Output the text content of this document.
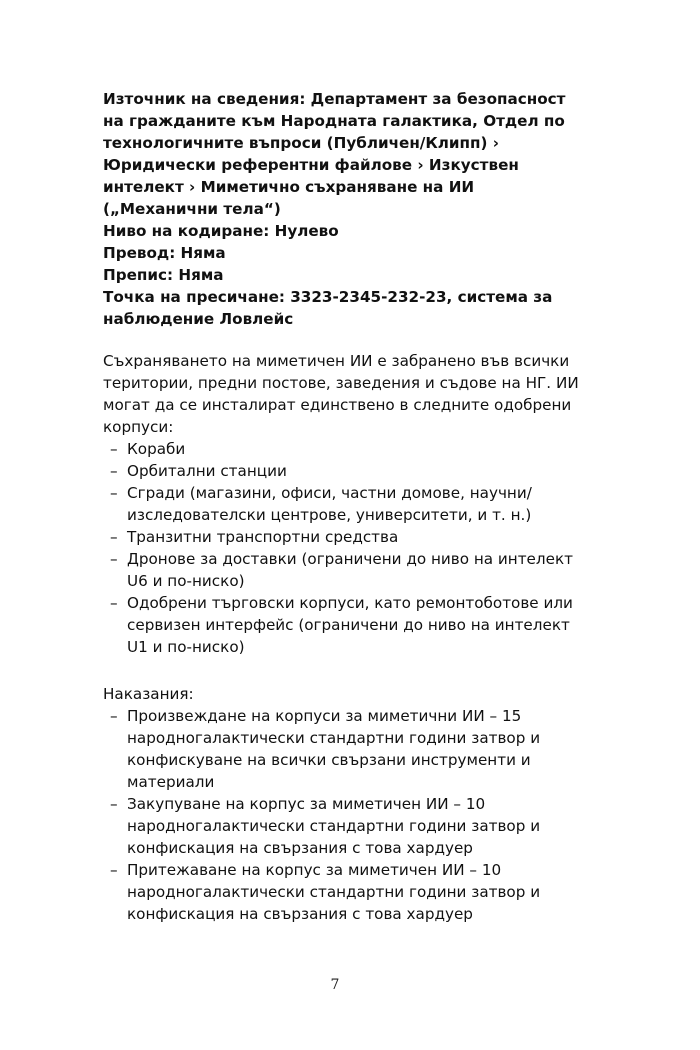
Източник на сведения: Департамент за безопасност на гражданите към Народната галактика, Отдел по технологичните въпроси (Публичен/Клипп) › Юридически референтни файлове › Изкуствен интелект › Миметично съхраняване на ИИ („Механични тела“)

Ниво на кодиране: Нулево

Превод: Няма

Препис: Няма

Точка на пресичане: 3323-2345-232-23, система за наблюдение Ловлейс

Съхраняването на миметичен ИИ е забранено във всички територии, предни постове, заведения и съдове на НГ. ИИ могат да се инсталират единствено в следните одобрени корпуси:

– Кораби
– Орбитални станции
– Сгради (магазини, офиси, частни домове, научни/изследователски центрове, университети, и т. н.)
– Транзитни транспортни средства
– Дронове за доставки (ограничени до ниво на интелект U6 и по-ниско)
– Одобрени търговски корпуси, като ремонтоботове или сервизен интерфейс (ограничени до ниво на интелект U1 и по-ниско)

Наказания:

– Произвеждане на корпуси за миметични ИИ – 15 народногалактически стандартни години затвор и конфискуване на всички свързани инструменти и материали
– Закупуване на корпус за миметичен ИИ – 10 народногалактически стандартни години затвор и конфискация на свързания с това хардуер
– Притежаване на корпус за миметичен ИИ – 10 народногалактически стандартни години затвор и конфискация на свързания с това хардуер
7
